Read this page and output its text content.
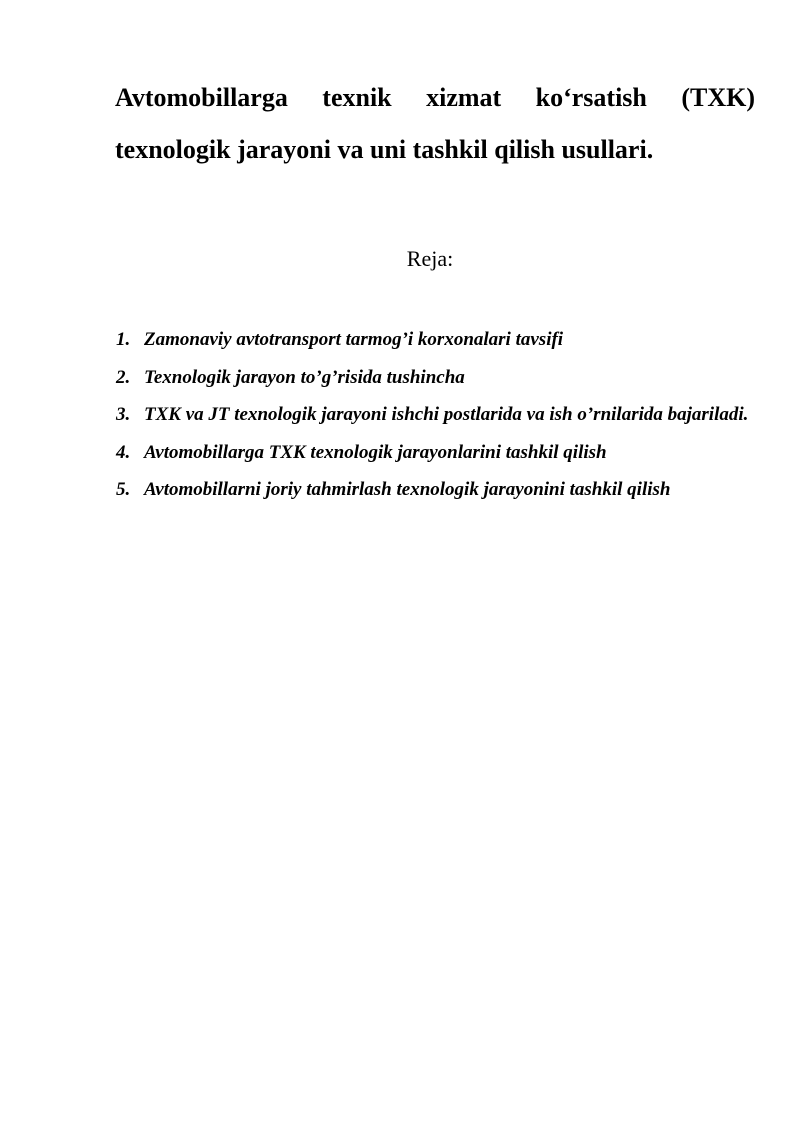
Avtomobillarga texnik xizmat ko‘rsatish (TXK)
texnologik jarayoni va uni tashkil qilish usullari.

Reja:

1. Zamonaviy avtotransport tarmog’i korxonalari tavsifi
2. Texnologik jarayon to’g’risida tushincha
3. TXK va JT texnologik jarayoni ishchi postlarida va ish o’rnilarida bajariladi.
4. Avtomobillarga TXK texnologik jarayonlarini tashkil qilish
5. Avtomobillarni joriy tahmirlash texnologik jarayonini tashkil qilish
